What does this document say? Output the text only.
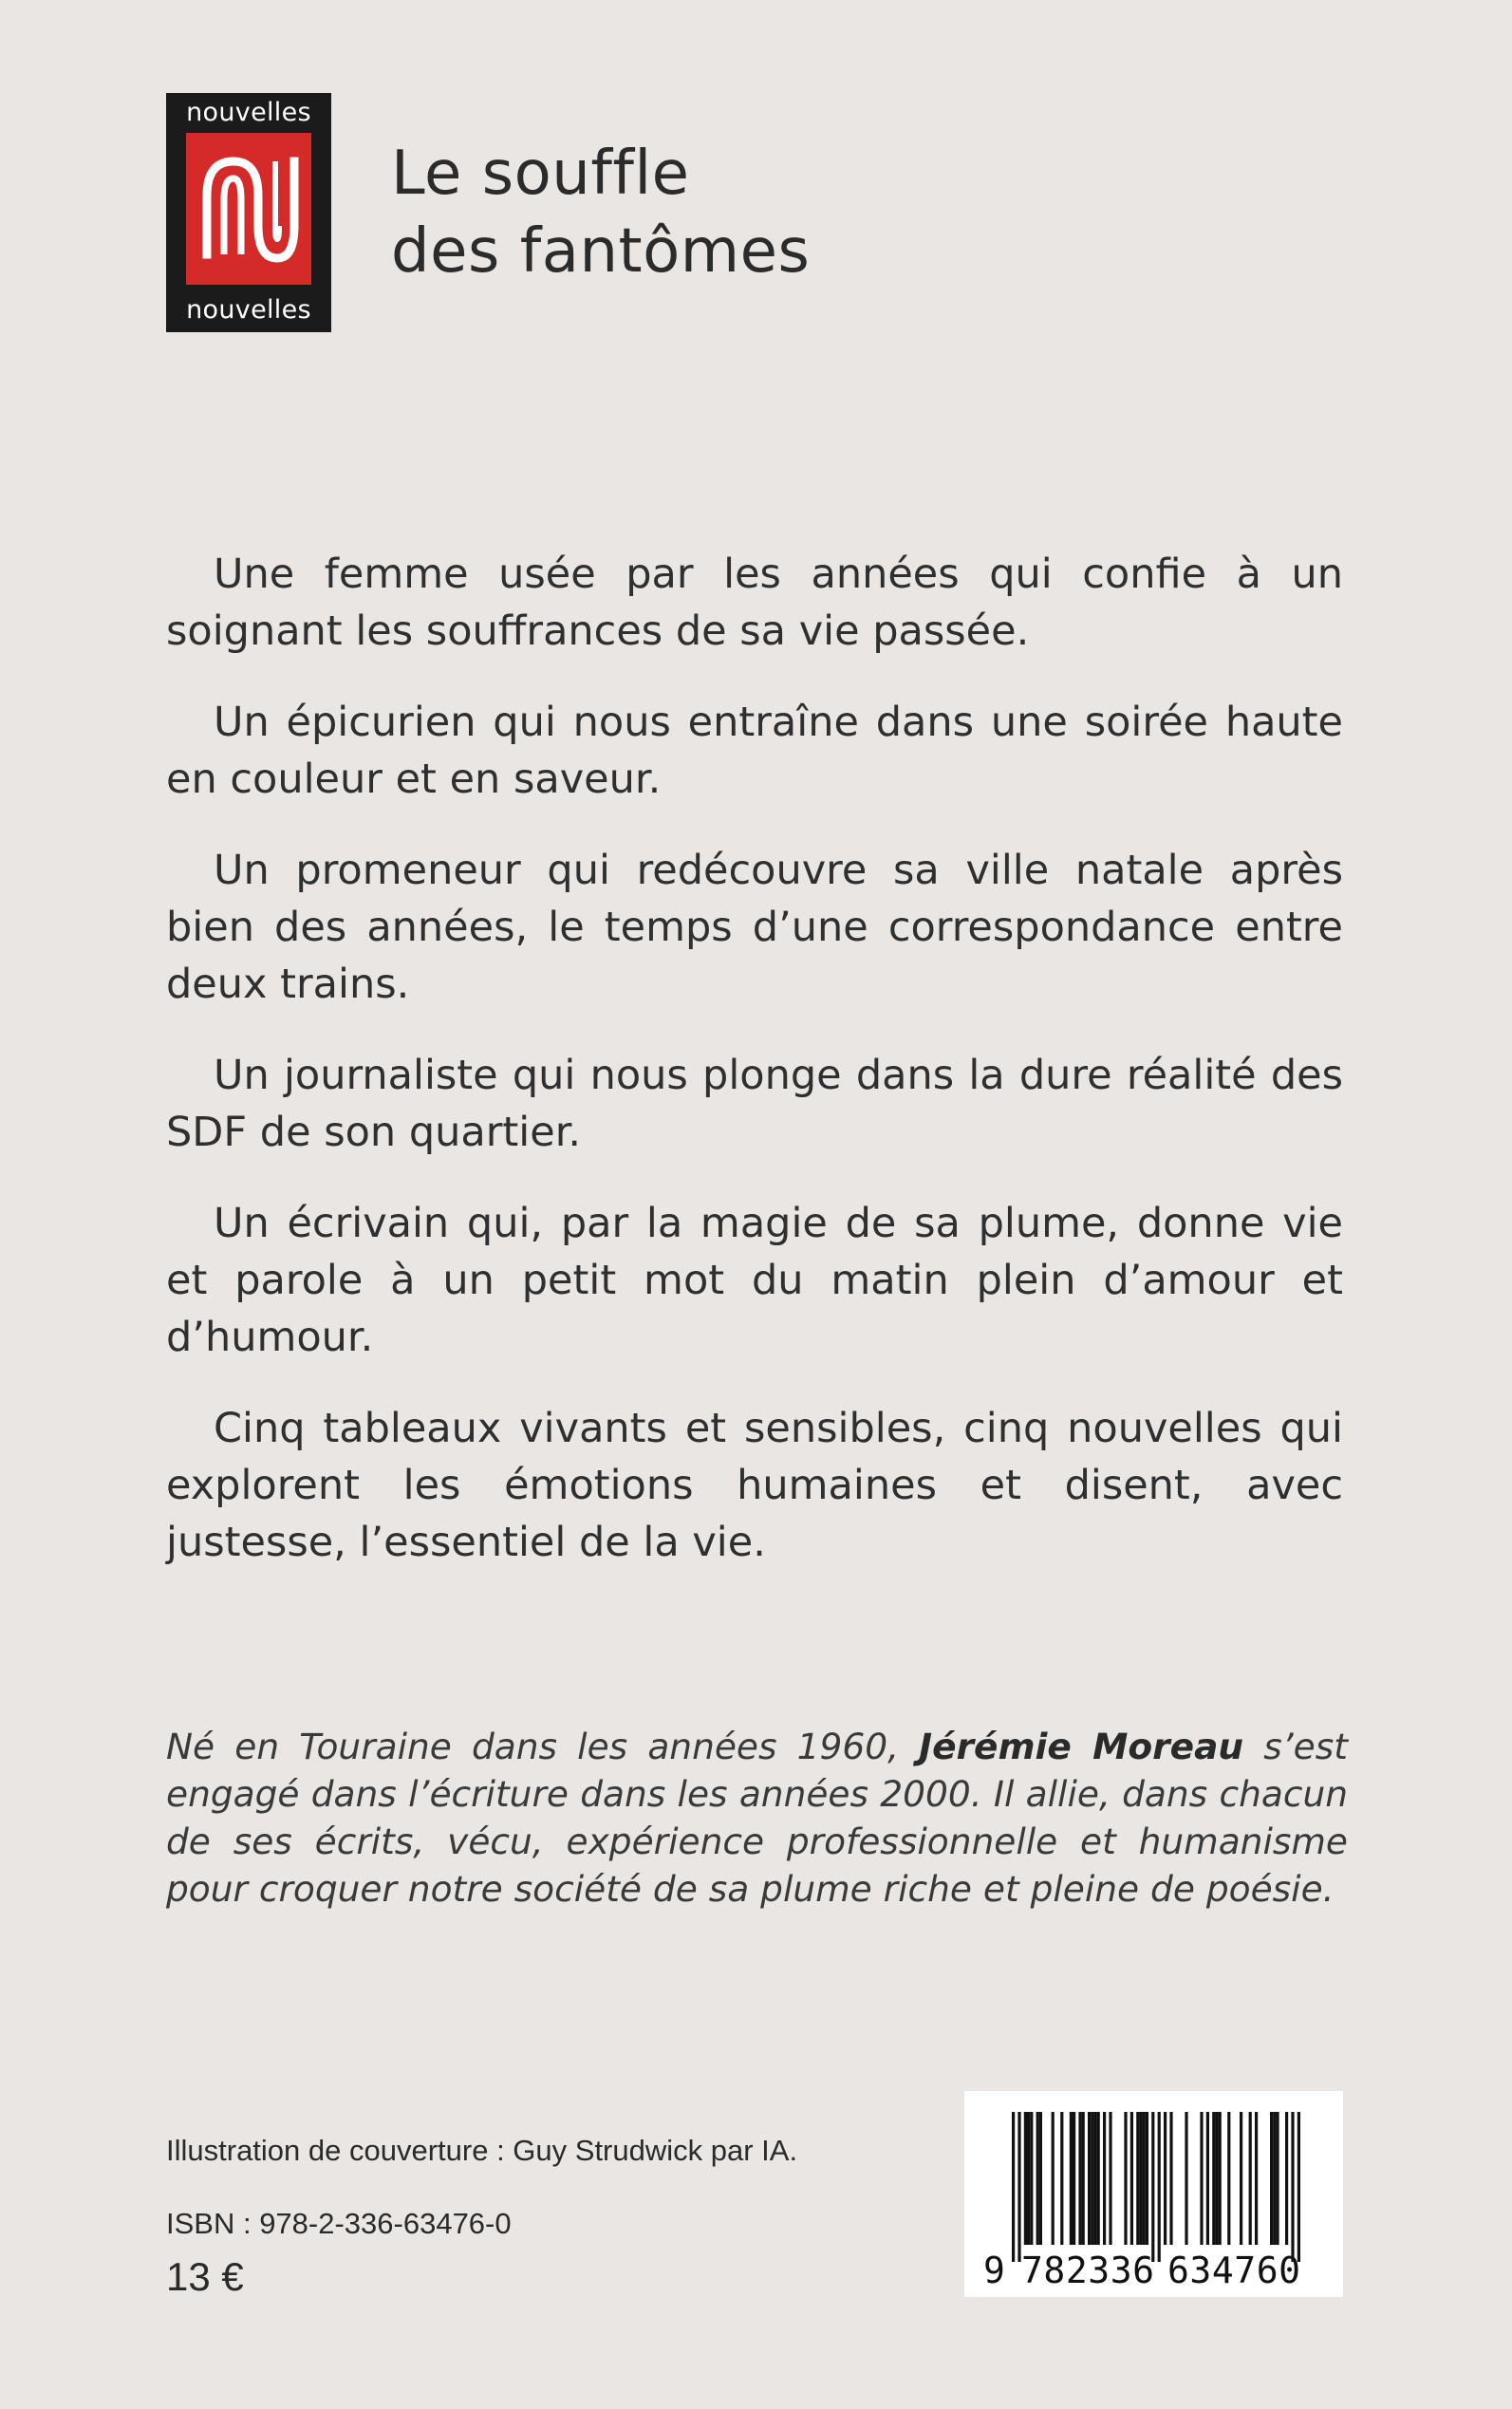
nouvelles
nouvelles
Le souffle
des fantômes

Une femme usée par les années qui confie à un soignant les souffrances de sa vie passée.

Un épicurien qui nous entraîne dans une soirée haute en couleur et en saveur.

Un promeneur qui redécouvre sa ville natale après bien des années, le temps d’une correspondance entre deux trains.

Un journaliste qui nous plonge dans la dure réalité des SDF de son quartier.

Un écrivain qui, par la magie de sa plume, donne vie et parole à un petit mot du matin plein d’amour et d’humour.

Cinq tableaux vivants et sensibles, cinq nouvelles qui explorent les émotions humaines et disent, avec justesse, l’essentiel de la vie.

Né en Touraine dans les années 1960, Jérémie Moreau s’est engagé dans l’écriture dans les années 2000. Il allie, dans chacun de ses écrits, vécu, expérience professionnelle et humanisme pour croquer notre société de sa plume riche et pleine de poésie.

Illustration de couverture : Guy Strudwick par IA.
ISBN : 978-2-336-63476-0
13 €	9 782336 634760
